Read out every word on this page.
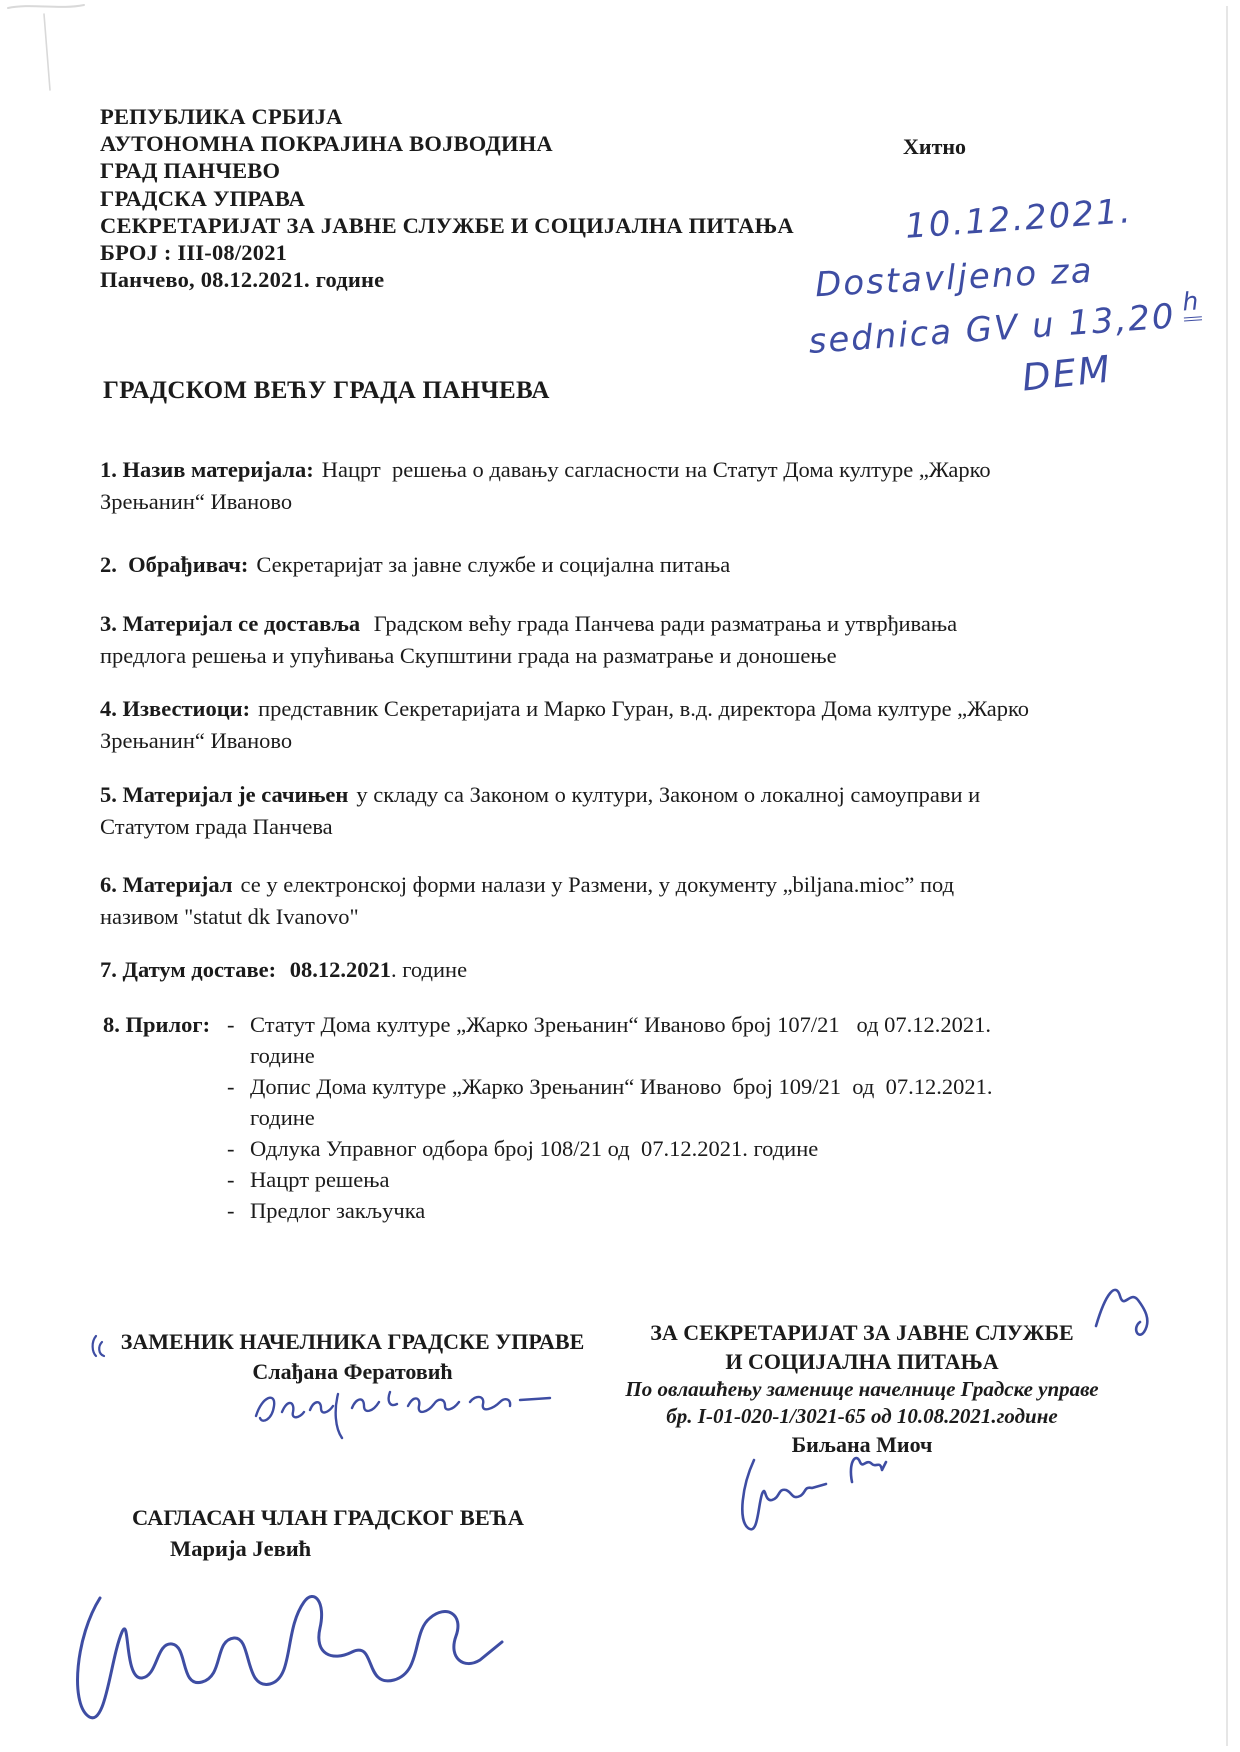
РЕПУБЛИКА СРБИЈА
АУТОНОМНА ПОКРАЈИНА ВОЈВОДИНА
ГРАД ПАНЧЕВО
ГРАДСКА УПРАВА
СЕКРЕТАРИЈАТ ЗА ЈАВНЕ СЛУЖБЕ И СОЦИЈАЛНА ПИТАЊА
БРОЈ : III-08/2021
Панчево, 08.12.2021. године
Хитно
10.12.2021.
Dostavljeno za
sednica GV u 13,20 $^h$
DEM
ГРАДСКОМ ВЕЋУ ГРАДА ПАНЧЕВА
1. Назив материјала: Нацрт  решења о давању сагласности на Статут Дома културе „Жарко
Зрењанин“ Иваново
2.  Обрађивач: Секретаријат за јавне службе и социјална питања
3. Материјал се доставља Градском већу града Панчева ради разматрања и утврђивања
предлога решења и упућивања Скупштини града на разматрање и доношење
4. Известиоци: представник Секретаријата и Марко Гуран, в.д. директора Дома културе „Жарко
Зрењанин“ Иваново
5. Материјал је сачињен у складу са Законом о култури, Законом о локалној самоуправи и
Статутом града Панчева
6. Материјал се у електронској форми налази у Размени, у документу „biljana.mioc” под
називом "statut dk Ivanovo"
7. Датум доставе: 08.12.2021. године
8. Прилог: - Статут Дома културе „Жарко Зрењанин“ Иваново број 107/21   од 07.12.2021.
године
- Допис Дома културе „Жарко Зрењанин“ Иваново  број 109/21  од  07.12.2021.
године
- Одлука Управног одбора број 108/21 од  07.12.2021. године
- Нацрт решења
- Предлог закључка
ЗАМЕНИК НАЧЕЛНИКА ГРАДСКЕ УПРАВЕ
Слађана Фератовић
ЗА СЕКРЕТАРИЈАТ ЗА ЈАВНЕ СЛУЖБЕ
И СОЦИЈАЛНА ПИТАЊА
По овлашћењу заменице начелнице Градске управе
бр. I-01-020-1/3021-65 од 10.08.2021.године
Биљана Миоч
САГЛАСАН ЧЛАН ГРАДСКОГ ВЕЋА
Марија Јевић
